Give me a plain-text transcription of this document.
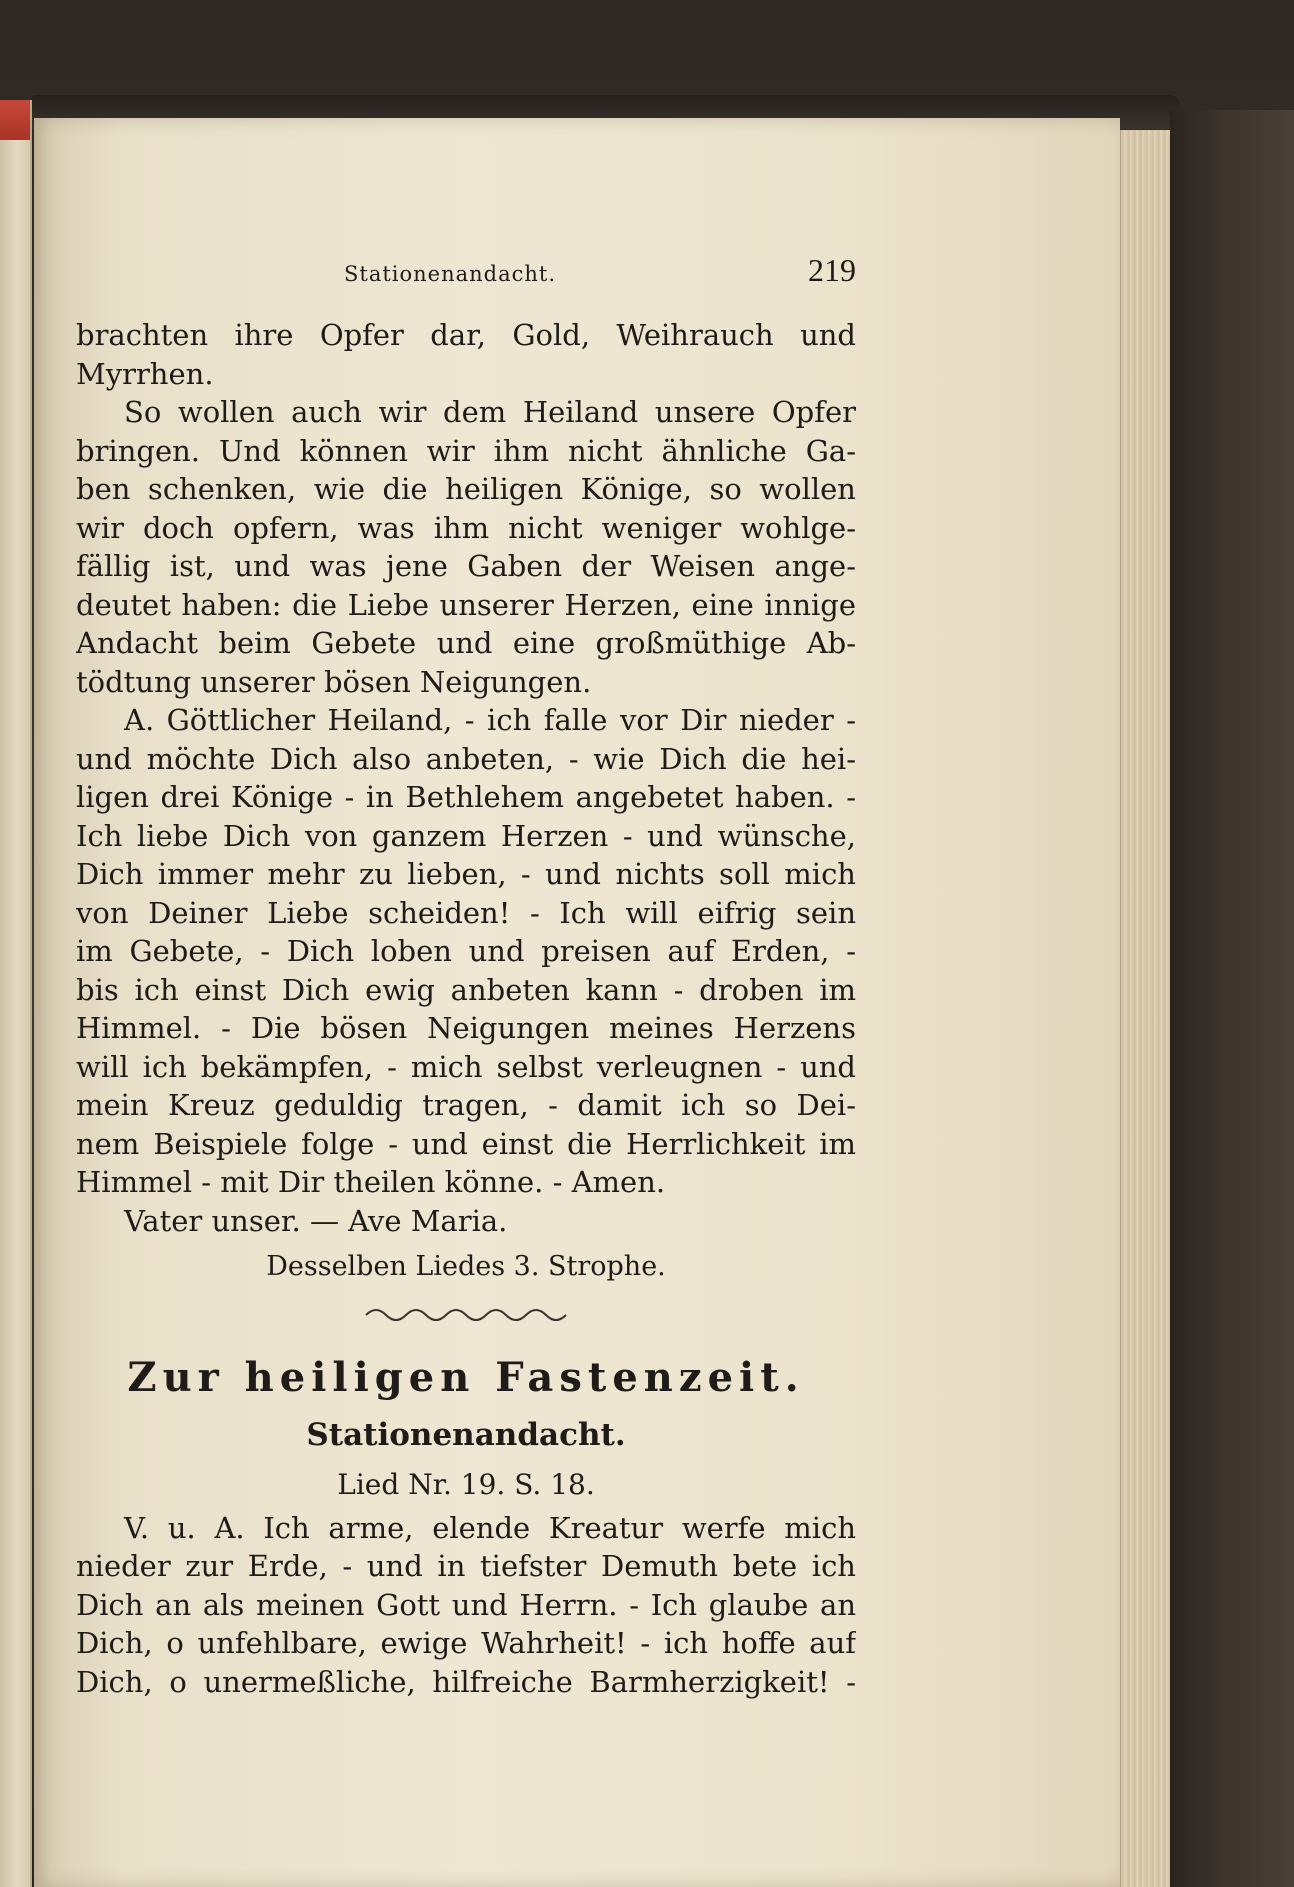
Stationenandacht.	219
brachten ihre Opfer dar, Gold, Weihrauch und
Myrrhen.
So wollen auch wir dem Heiland unsere Opfer
bringen. Und können wir ihm nicht ähnliche Ga-
ben schenken, wie die heiligen Könige, so wollen
wir doch opfern, was ihm nicht weniger wohlge-
fällig ist, und was jene Gaben der Weisen ange-
deutet haben: die Liebe unserer Herzen, eine innige
Andacht beim Gebete und eine großmüthige Ab-
tödtung unserer bösen Neigungen.
A. Göttlicher Heiland, - ich falle vor Dir nieder -
und möchte Dich also anbeten, - wie Dich die hei-
ligen drei Könige - in Bethlehem angebetet haben. -
Ich liebe Dich von ganzem Herzen - und wünsche,
Dich immer mehr zu lieben, - und nichts soll mich
von Deiner Liebe scheiden! - Ich will eifrig sein
im Gebete, - Dich loben und preisen auf Erden, -
bis ich einst Dich ewig anbeten kann - droben im
Himmel. - Die bösen Neigungen meines Herzens
will ich bekämpfen, - mich selbst verleugnen - und
mein Kreuz geduldig tragen, - damit ich so Dei-
nem Beispiele folge - und einst die Herrlichkeit im
Himmel - mit Dir theilen könne. - Amen.
Vater unser. — Ave Maria.
Desselben Liedes 3. Strophe.
Zur heiligen Fastenzeit.
Stationenandacht.
Lied Nr. 19. S. 18.
V. u. A. Ich arme, elende Kreatur werfe mich
nieder zur Erde, - und in tiefster Demuth bete ich
Dich an als meinen Gott und Herrn. - Ich glaube an
Dich, o unfehlbare, ewige Wahrheit! - ich hoffe auf
Dich, o unermeßliche, hilfreiche Barmherzigkeit! -
